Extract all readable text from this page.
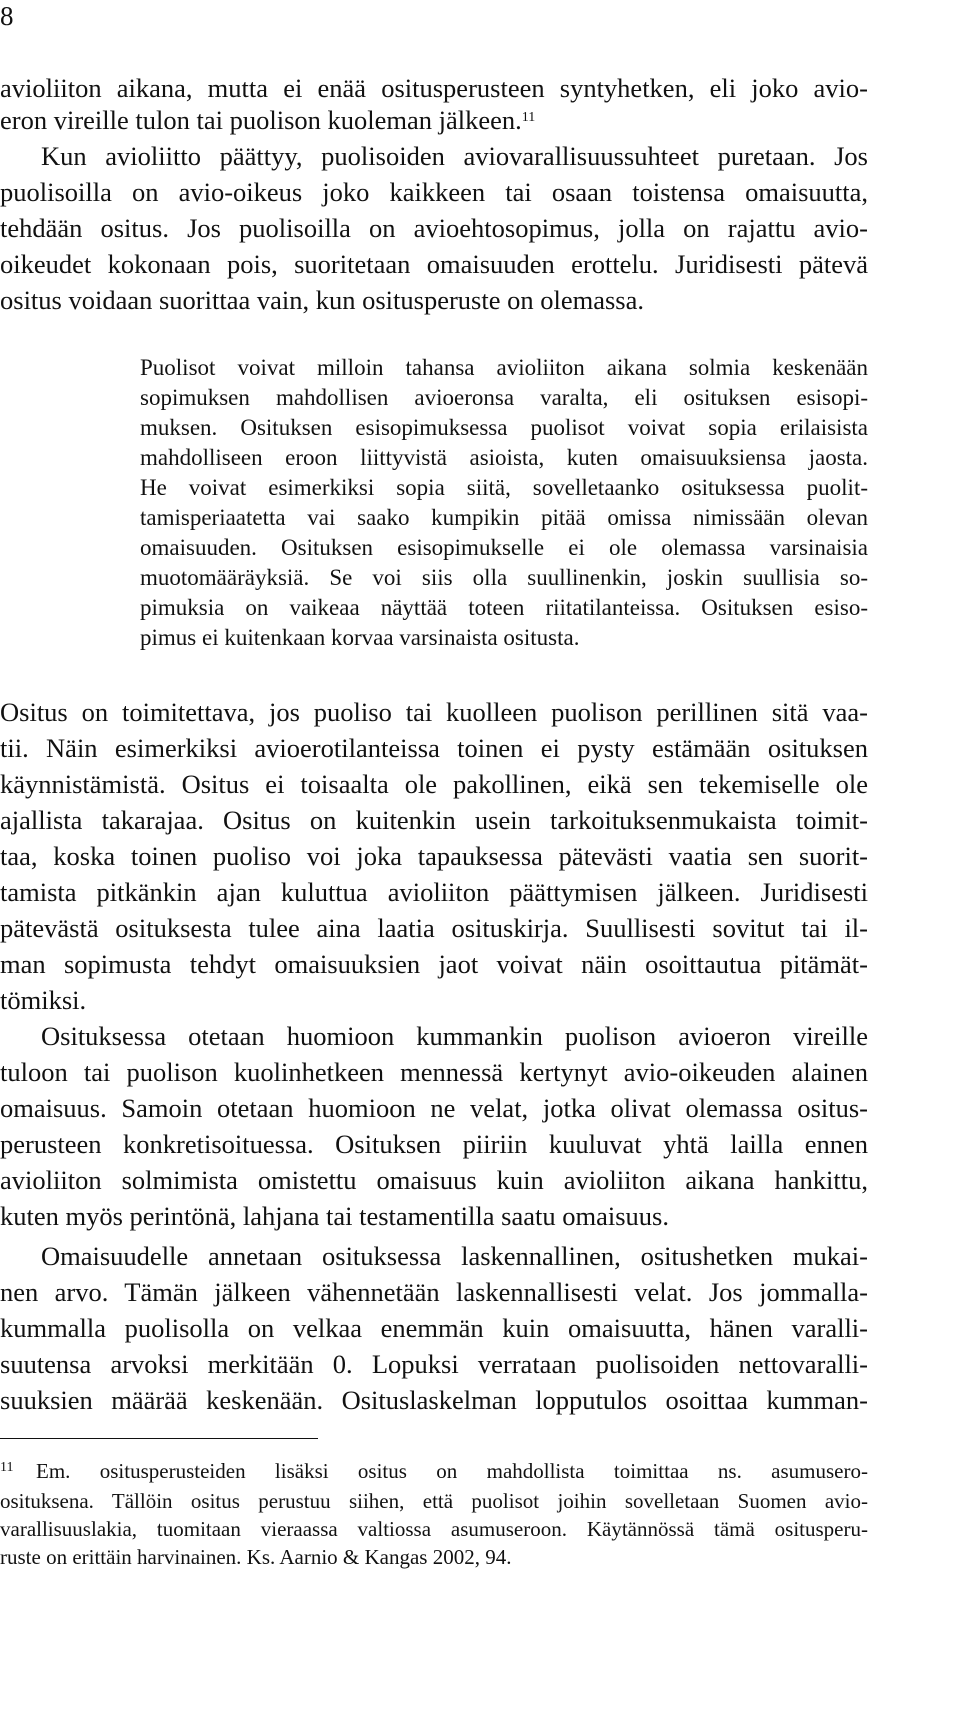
8

avioliiton aikana, mutta ei enää ositusperusteen syntyhetken, eli joko avio-

eron vireille tulon tai puolison kuoleman jälkeen.$^{11}$

Kun avioliitto päättyy, puolisoiden aviovarallisuussuhteet puretaan. Jos

puolisoilla on avio-oikeus joko kaikkeen tai osaan toistensa omaisuutta,

tehdään ositus. Jos puolisoilla on avioehtosopimus, jolla on rajattu avio-

oikeudet kokonaan pois, suoritetaan omaisuuden erottelu. Juridisesti pätevä

ositus voidaan suorittaa vain, kun ositusperuste on olemassa.

Puolisot voivat milloin tahansa avioliiton aikana solmia keskenään

sopimuksen mahdollisen avioeronsa varalta, eli osituksen esisopi-

muksen. Osituksen esisopimuksessa puolisot voivat sopia erilaisista

mahdolliseen eroon liittyvistä asioista, kuten omaisuuksiensa jaosta.

He voivat esimerkiksi sopia siitä, sovelletaanko osituksessa puolit-

tamisperiaatetta vai saako kumpikin pitää omissa nimissään olevan

omaisuuden. Osituksen esisopimukselle ei ole olemassa varsinaisia

muotomääräyksiä. Se voi siis olla suullinenkin, joskin suullisia so-

pimuksia on vaikeaa näyttää toteen riitatilanteissa. Osituksen esiso-

pimus ei kuitenkaan korvaa varsinaista ositusta.

Ositus on toimitettava, jos puoliso tai kuolleen puolison perillinen sitä vaa-

tii. Näin esimerkiksi avioerotilanteissa toinen ei pysty estämään osituksen

käynnistämistä. Ositus ei toisaalta ole pakollinen, eikä sen tekemiselle ole

ajallista takarajaa. Ositus on kuitenkin usein tarkoituksenmukaista toimit-

taa, koska toinen puoliso voi joka tapauksessa pätevästi vaatia sen suorit-

tamista pitkänkin ajan kuluttua avioliiton päättymisen jälkeen. Juridisesti

pätevästä osituksesta tulee aina laatia osituskirja. Suullisesti sovitut tai il-

man sopimusta tehdyt omaisuuksien jaot voivat näin osoittautua pitämät-

tömiksi.

Osituksessa otetaan huomioon kummankin puolison avioeron vireille

tuloon tai puolison kuolinhetkeen mennessä kertynyt avio-oikeuden alainen

omaisuus. Samoin otetaan huomioon ne velat, jotka olivat olemassa ositus-

perusteen konkretisoituessa. Osituksen piiriin kuuluvat yhtä lailla ennen

avioliiton solmimista omistettu omaisuus kuin avioliiton aikana hankittu,

kuten myös perintönä, lahjana tai testamentilla saatu omaisuus.

Omaisuudelle annetaan osituksessa laskennallinen, ositushetken mukai-

nen arvo. Tämän jälkeen vähennetään laskennallisesti velat. Jos jommalla-

kummalla puolisolla on velkaa enemmän kuin omaisuutta, hänen varalli-

suutensa arvoksi merkitään 0. Lopuksi verrataan puolisoiden nettovaralli-

suuksien määrää keskenään. Osituslaskelman lopputulos osoittaa kumman-

11 Em. ositusperusteiden lisäksi ositus on mahdollista toimittaa ns. asumusero-

osituksena. Tällöin ositus perustuu siihen, että puolisot joihin sovelletaan Suomen avio-

varallisuuslakia, tuomitaan vieraassa valtiossa asumuseroon. Käytännössä tämä ositusperu-

ruste on erittäin harvinainen. Ks. Aarnio & Kangas 2002, 94.
